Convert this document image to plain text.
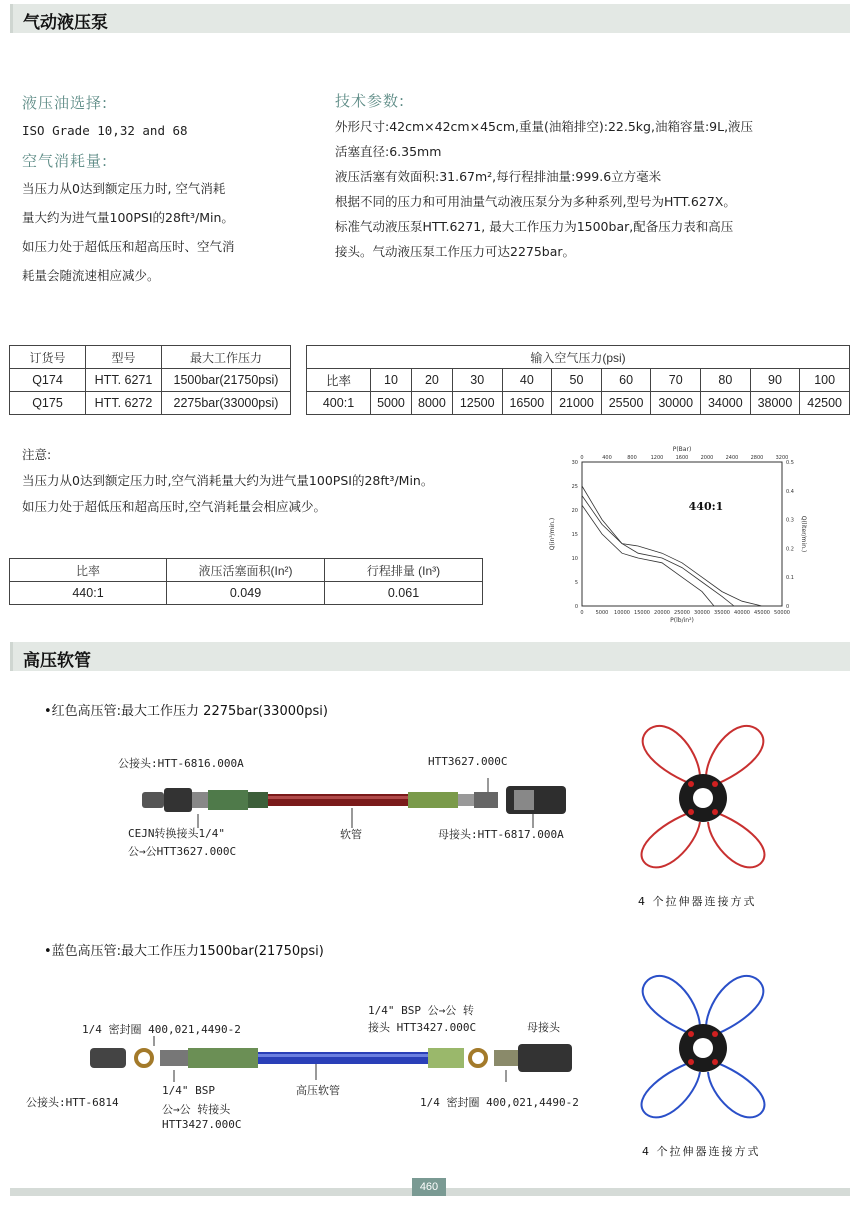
气动液压泵
液压油选择:
ISO Grade 10,32 and 68
空气消耗量:
当压力从0达到额定压力时, 空气消耗
量大约为进气量100PSI的28ft³/Min。
如压力处于超低压和超高压时、空气消
耗量会随流速相应减少。
技术参数:
外形尺寸:42cm×42cm×45cm,重量(油箱排空):22.5kg,油箱容量:9L,液压
活塞直径:6.35mm
液压活塞有效面积:31.67m²,每行程排油量:999.6立方毫米
根据不同的压力和可用油量气动液压泵分为多种系列,型号为HTT.627X。
标准气动液压泵HTT.6271, 最大工作压力为1500bar,配备压力表和高压
接头。气动液压泵工作压力可达2275bar。
订货号	型号	最大工作压力
Q174	HTT. 6271	1500bar(21750psi)
Q175	HTT. 6272	2275bar(33000psi)
输入空气压力(psi)										
比率	10	20	30	40	50	60	70	80	90	100
400:1	5000	8000	12500	16500	21000	25500	30000	34000	38000	42500
注意:
当压力从0达到额定压力时,空气消耗量大约为进气量100PSI的28ft³/Min。
如压力处于超低压和超高压时,空气消耗量会相应减少。
比率	液压活塞面积(In²)	行程排量 (In³)
440:1	0.049	0.061
0 5000 10000 15000 20000 25000 30000 35000 40000 45000 50000
P(lb/in²)
0	400	800	1200 1600 2000 2400 2800 3200
P(Bar)
0
5
10
15
20
25
30
Q(in³/min.)
0
0.1
0.2
0.3
0.4
0.5
Q(liter/min.)
440:1
高压软管
•红色高压管:最大工作压力 2275bar(33000psi)
公接头:HTT-6816.000A	HTT3627.000C
CEJN转换接头1/4"
公→公HTT3627.000C
软管	母接头:HTT-6817.000A
4 个拉伸器连接方式
•蓝色高压管:最大工作压力1500bar(21750psi)
1/4" BSP 公→公 转
接头 HTT3427.000C
1/4 密封圈 400,021,4490-2	母接头
公接头:HTT-6814
1/4" BSP
公→公 转接头
HTT3427.000C
高压软管
1/4 密封圈 400,021,4490-2
4 个拉伸器连接方式
460
